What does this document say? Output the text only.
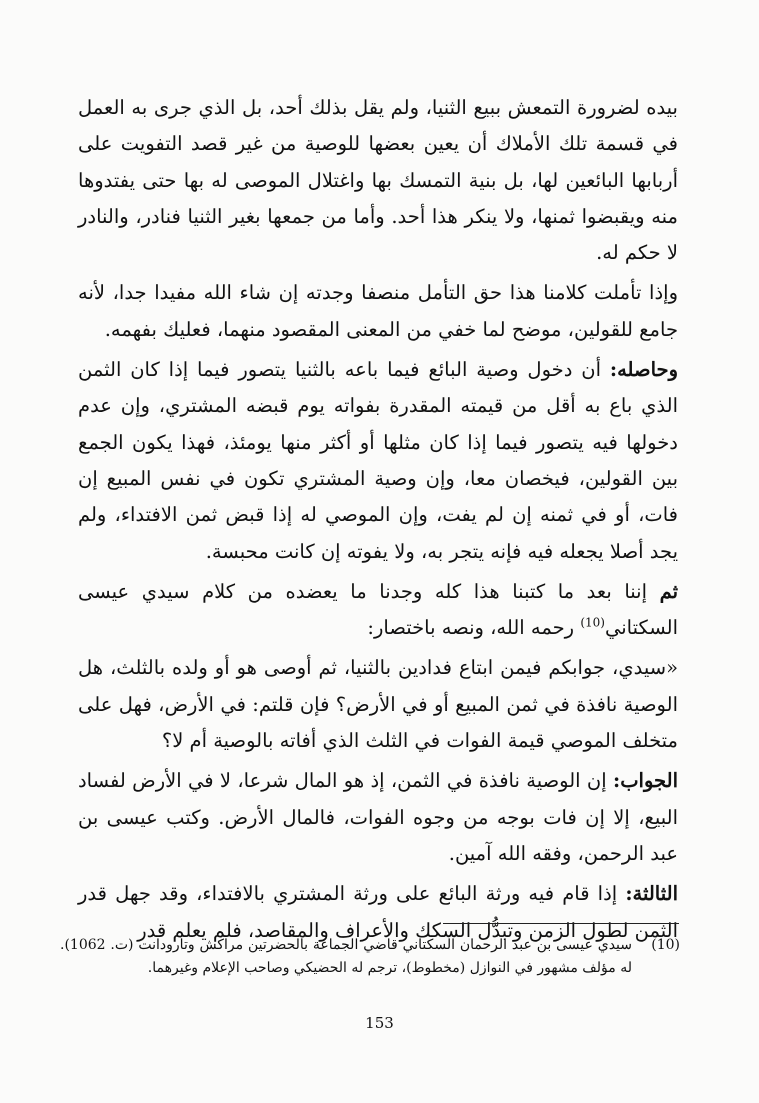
بيده لضرورة التمعش ببيع الثنيا، ولم يقل بذلك أحد، بل الذي جرى به العمل في قسمة تلك الأملاك أن يعين بعضها للوصية من غير قصد التفويت على أربابها البائعين لها، بل بنية التمسك بها واغتلال الموصى له بها حتى يفتدوها منه ويقبضوا ثمنها، ولا ينكر هذا أحد. وأما من جمعها بغير الثنيا فنادر، والنادر لا حكم له.

وإذا تأملت كلامنا هذا حق التأمل منصفا وجدته إن شاء الله مفيدا جدا، لأنه جامع للقولين، موضح لما خفي من المعنى المقصود منهما، فعليك بفهمه.

وحاصله: أن دخول وصية البائع فيما باعه بالثنيا يتصور فيما إذا كان الثمن الذي باع به أقل من قيمته المقدرة بفواته يوم قبضه المشتري، وإن عدم دخولها فيه يتصور فيما إذا كان مثلها أو أكثر منها يومئذ، فهذا يكون الجمع بين القولين، فيخصان معا، وإن وصية المشتري تكون في نفس المبيع إن فات، أو في ثمنه إن لم يفت، وإن الموصي له إذا قبض ثمن الافتداء، ولم يجد أصلا يجعله فيه فإنه يتجر به، ولا يفوته إن كانت محبسة.

ثم إننا بعد ما كتبنا هذا كله وجدنا ما يعضده من كلام سيدي عيسى السكتاني$^{(10)}$ رحمه الله، ونصه باختصار:

«سيدي، جوابكم فيمن ابتاع فدادين بالثنيا، ثم أوصى هو أو ولده بالثلث، هل الوصية نافذة في ثمن المبيع أو في الأرض؟ فإن قلتم: في الأرض، فهل على متخلف الموصي قيمة الفوات في الثلث الذي أفاته بالوصية أم لا؟

الجواب: إن الوصية نافذة في الثمن، إذ هو المال شرعا، لا في الأرض لفساد البيع، إلا إن فات بوجه من وجوه الفوات، فالمال الأرض. وكتب عيسى بن عبد الرحمن، وفقه الله آمين.

الثالثة: إذا قام فيه ورثة البائع على ورثة المشتري بالافتداء، وقد جهل قدر الثمن لطول الزمن وتبدُّل السكك والأعراف والمقاصد، فلم يعلم قدر

(10)
سيدي عيسى بن عبد الرحمان السكتاني قاضي الجماعة بالحضرتين مراكش وتارودانت (ت. 1062). له مؤلف مشهور في النوازل (مخطوط)، ترجم له الحضيكي وصاحب الإعلام وغيرهما.
153
